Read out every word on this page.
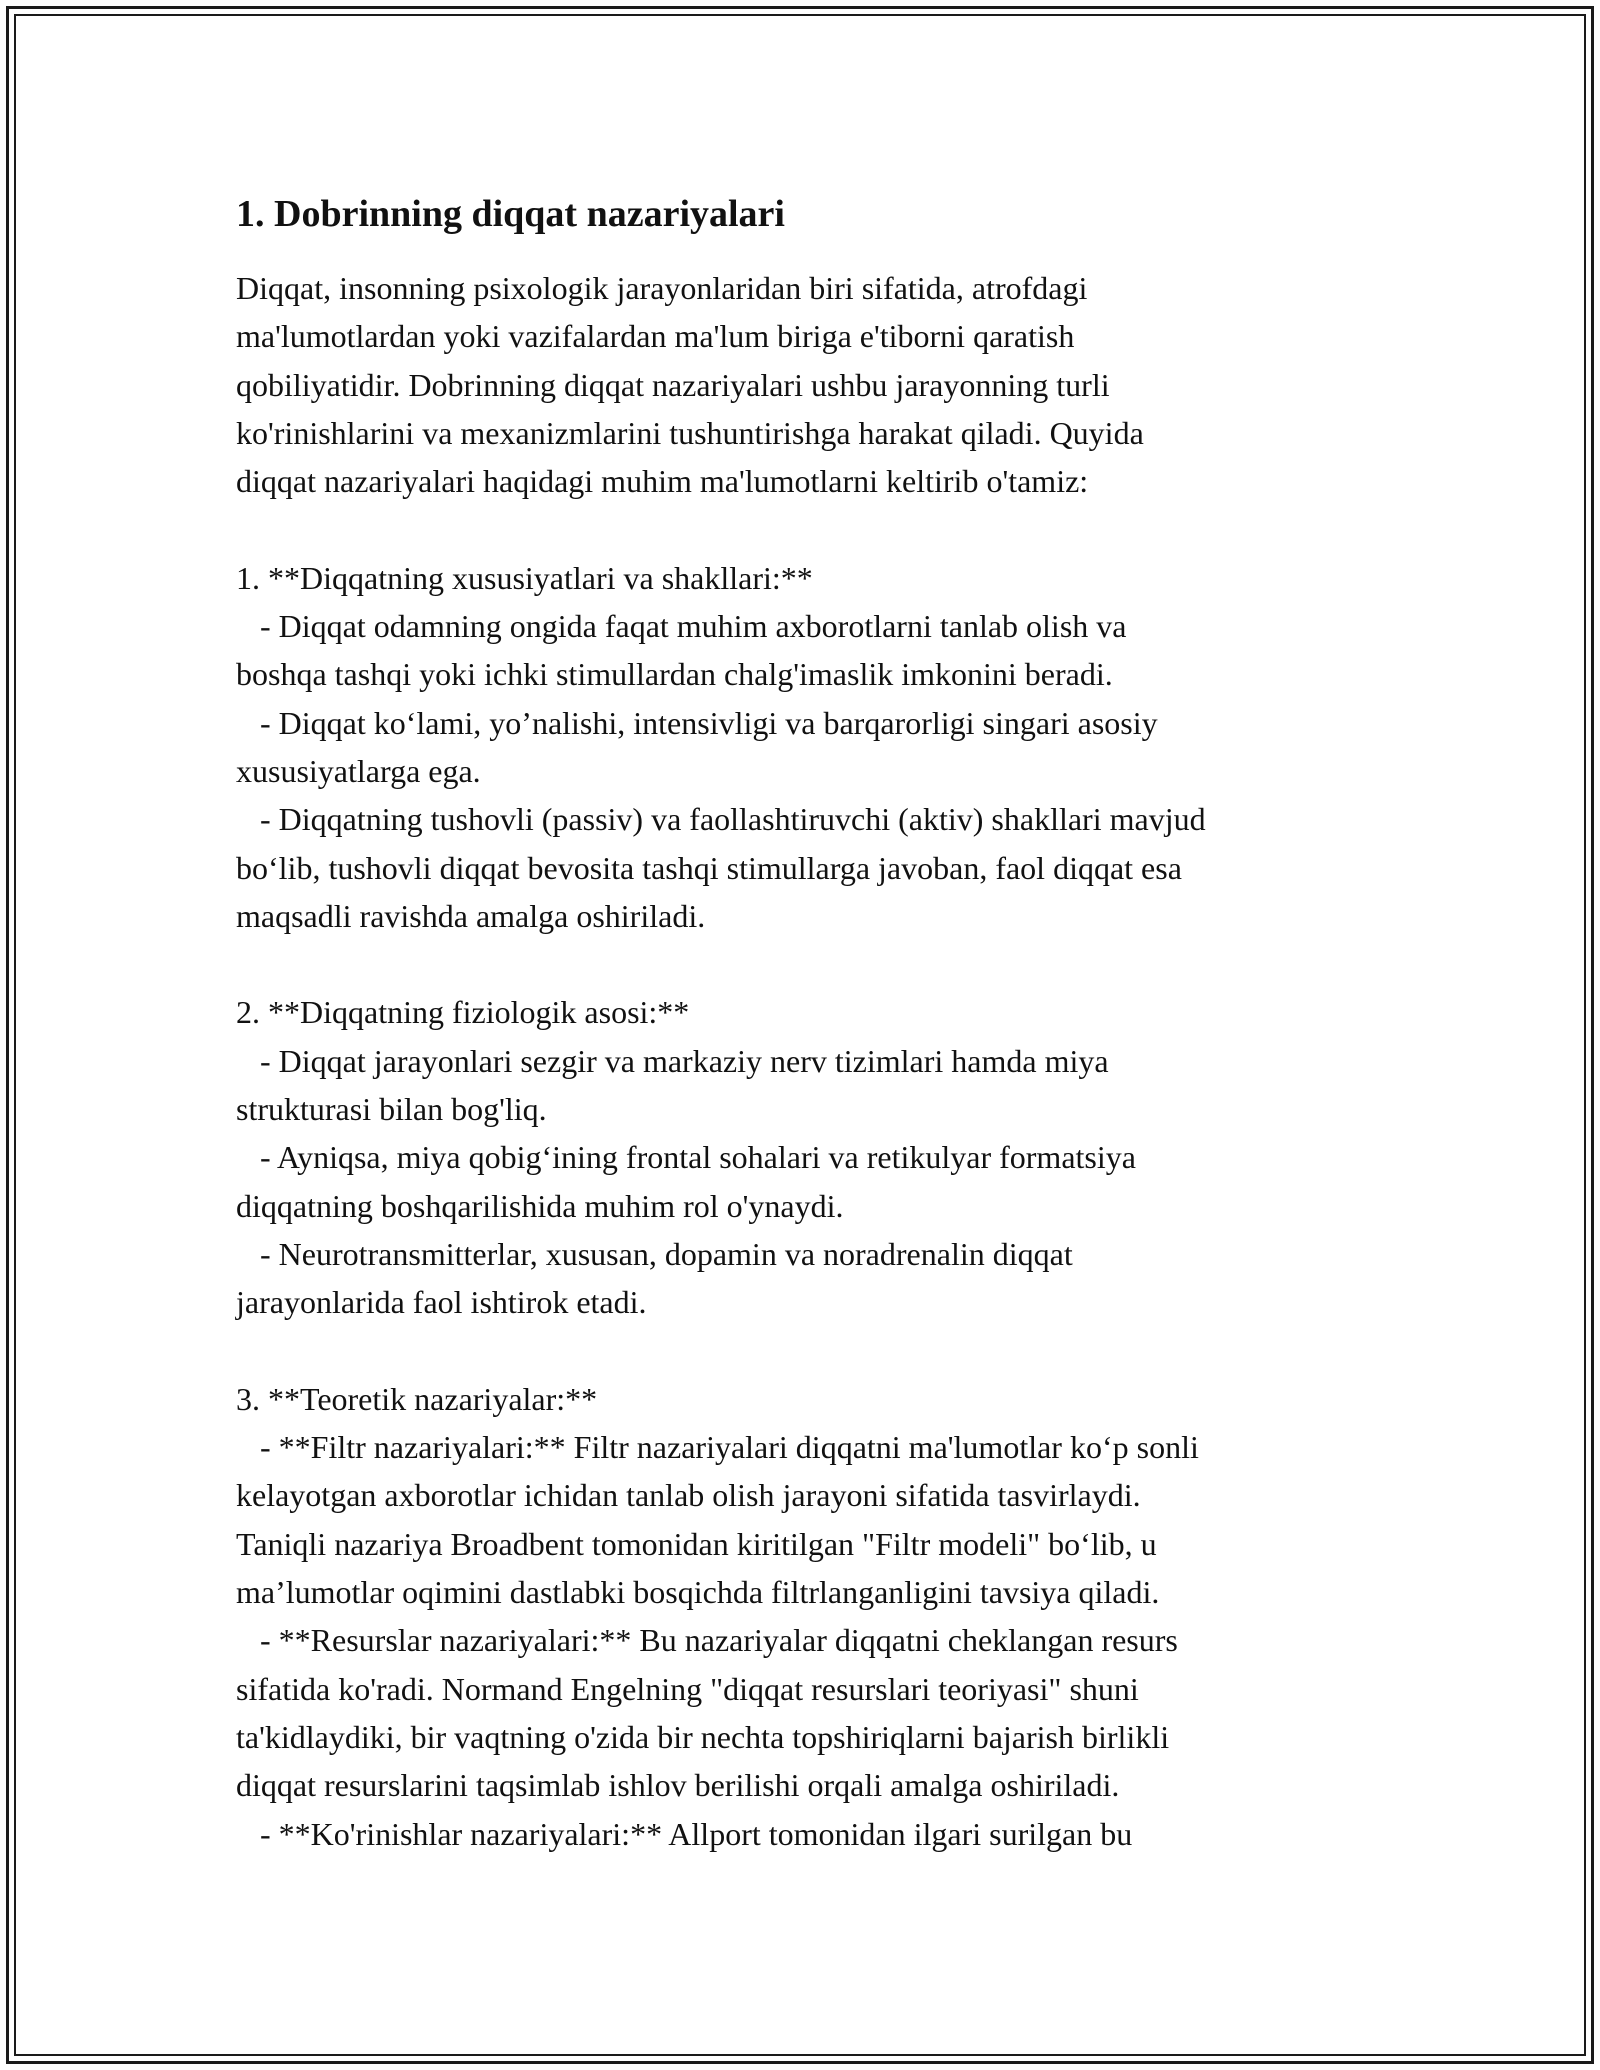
1. Dobrinning diqqat nazariyalari

Diqqat, insonning psixologik jarayonlaridan biri sifatida, atrofdagi

ma'lumotlardan yoki vazifalardan ma'lum biriga e'tiborni qaratish

qobiliyatidir. Dobrinning diqqat nazariyalari ushbu jarayonning turli

ko'rinishlarini va mexanizmlarini tushuntirishga harakat qiladi. Quyida

diqqat nazariyalari haqidagi muhim ma'lumotlarni keltirib o'tamiz:

1. **Diqqatning xususiyatlari va shakllari:**

- Diqqat odamning ongida faqat muhim axborotlarni tanlab olish va

boshqa tashqi yoki ichki stimullardan chalg'imaslik imkonini beradi.

- Diqqat ko‘lami, yo’nalishi, intensivligi va barqarorligi singari asosiy

xususiyatlarga ega.

- Diqqatning tushovli (passiv) va faollashtiruvchi (aktiv) shakllari mavjud

bo‘lib, tushovli diqqat bevosita tashqi stimullarga javoban, faol diqqat esa

maqsadli ravishda amalga oshiriladi.

2. **Diqqatning fiziologik asosi:**

- Diqqat jarayonlari sezgir va markaziy nerv tizimlari hamda miya

strukturasi bilan bog'liq.

- Ayniqsa, miya qobig‘ining frontal sohalari va retikulyar formatsiya

diqqatning boshqarilishida muhim rol o'ynaydi.

- Neurotransmitterlar, xususan, dopamin va noradrenalin diqqat

jarayonlarida faol ishtirok etadi.

3. **Teoretik nazariyalar:**

- **Filtr nazariyalari:** Filtr nazariyalari diqqatni ma'lumotlar ko‘p sonli

kelayotgan axborotlar ichidan tanlab olish jarayoni sifatida tasvirlaydi.

Taniqli nazariya Broadbent tomonidan kiritilgan "Filtr modeli" bo‘lib, u

ma’lumotlar oqimini dastlabki bosqichda filtrlanganligini tavsiya qiladi.

- **Resurslar nazariyalari:** Bu nazariyalar diqqatni cheklangan resurs

sifatida ko'radi. Normand Engelning "diqqat resurslari teoriyasi" shuni

ta'kidlaydiki, bir vaqtning o'zida bir nechta topshiriqlarni bajarish birlikli

diqqat resurslarini taqsimlab ishlov berilishi orqali amalga oshiriladi.

- **Ko'rinishlar nazariyalari:** Allport tomonidan ilgari surilgan bu
